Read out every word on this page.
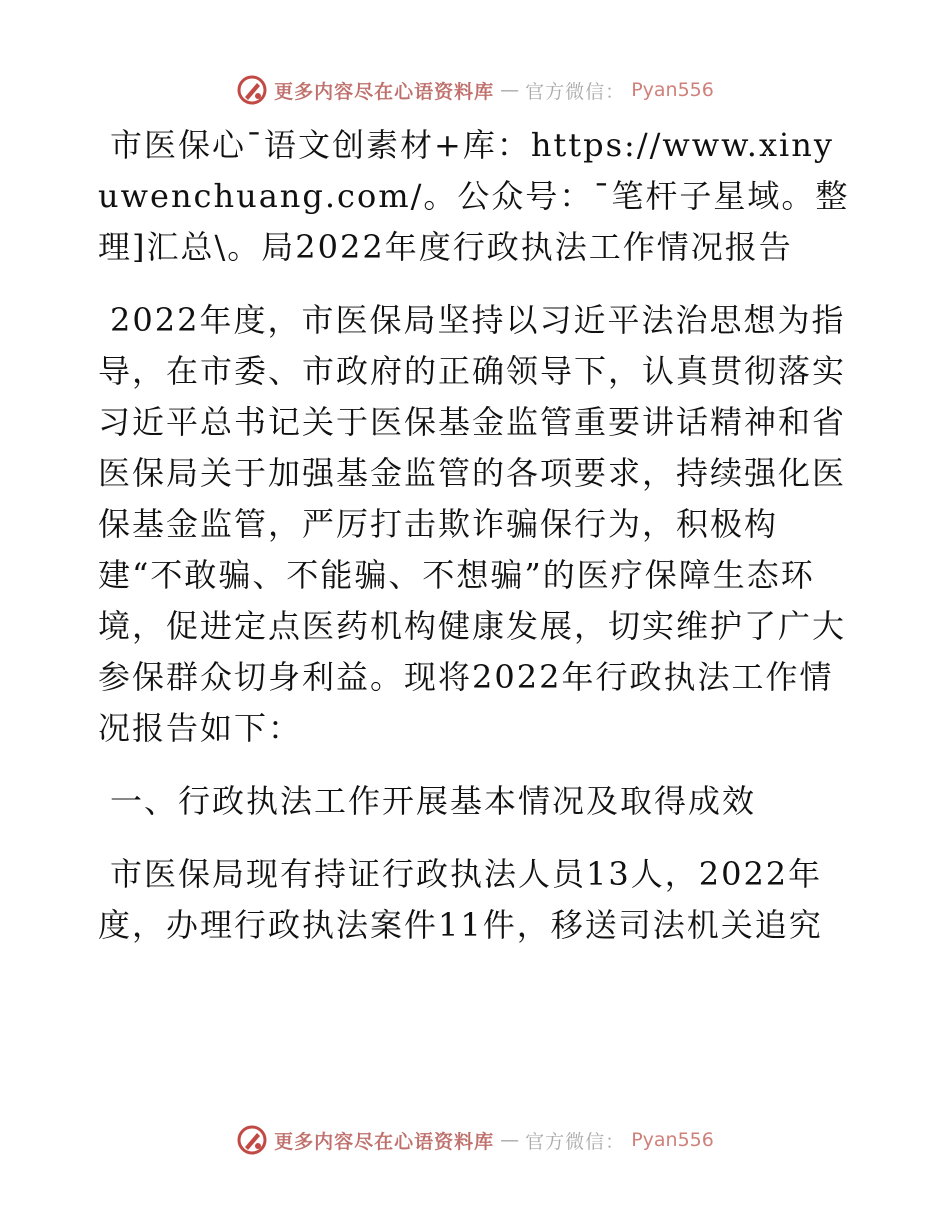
更多内容尽在心语资料库 — 官方微信： Pyan556

市医保心¯语文创素材+库：https://www.xinyuwenchuang.com/。公众号：¯笔杆子星域。整理]汇总\。局2022年度行政执法工作情况报告

2022年度，市医保局坚持以习近平法治思想为指导，在市委、市政府的正确领导下，认真贯彻落实习近平总书记关于医保基金监管重要讲话精神和省医保局关于加强基金监管的各项要求，持续强化医保基金监管，严厉打击欺诈骗保行为，积极构建“不敢骗、不能骗、不想骗”的医疗保障生态环境，促进定点医药机构健康发展，切实维护了广大参保群众切身利益。现将2022年行政执法工作情况报告如下：

一、行政执法工作开展基本情况及取得成效

市医保局现有持证行政执法人员13人，2022年度，办理行政执法案件11件，移送司法机关追究

更多内容尽在心语资料库 — 官方微信： Pyan556
